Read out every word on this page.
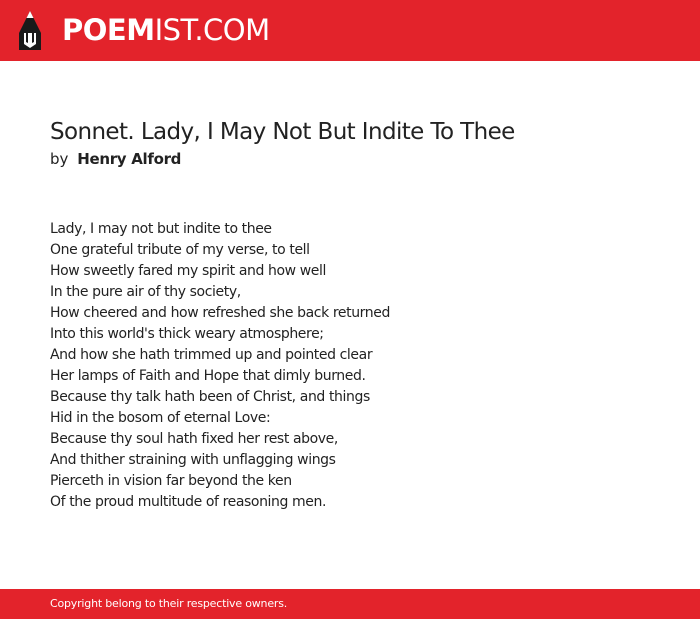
POEMIST.COM
Sonnet. Lady, I May Not But Indite To Thee
by Henry Alford
Lady, I may not but indite to thee
One grateful tribute of my verse, to tell
How sweetly fared my spirit and how well
In the pure air of thy society,
How cheered and how refreshed she back returned
Into this world's thick weary atmosphere;
And how she hath trimmed up and pointed clear
Her lamps of Faith and Hope that dimly burned.
Because thy talk hath been of Christ, and things
Hid in the bosom of eternal Love:
Because thy soul hath fixed her rest above,
And thither straining with unflagging wings
Pierceth in vision far beyond the ken
Of the proud multitude of reasoning men.
Copyright belong to their respective owners.
